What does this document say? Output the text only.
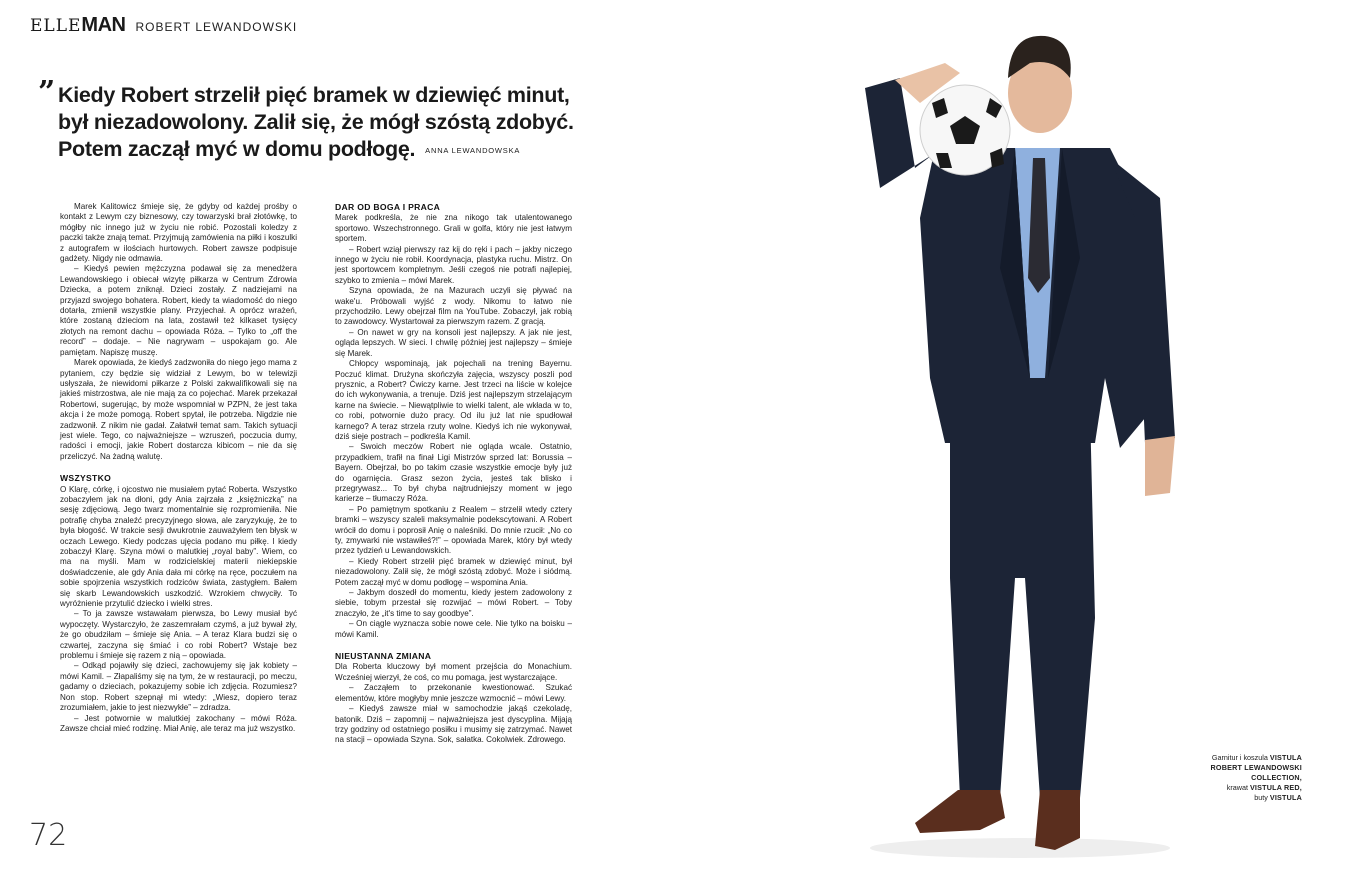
ELLE MAN ROBERT LEWANDOWSKI
” Kiedy Robert strzelił pięć bramek w dziewięć minut,
był niezadowolony. Zalił się, że mógł szóstą zdobyć.
Potem zaczął myć w domu podłogę. ANNA LEWANDOWSKA

Marek Kalitowicz śmieje się, że gdyby od każdej prośby o kontakt z Lewym czy biznesowy, czy towarzyski brał złotówkę, to mógłby nic innego już w życiu nie robić. Pozostali koledzy z paczki także znają temat. Przyjmują zamówienia na piłki i koszulki z autografem w ilościach hurtowych. Robert zawsze podpisuje gadżety. Nigdy nie odmawia.

– Kiedyś pewien mężczyzna podawał się za menedżera Lewandowskiego i obiecał wizytę piłkarza w Centrum Zdrowia Dziecka, a potem zniknął. Dzieci zostały. Z nadziejami na przyjazd swojego bohatera. Robert, kiedy ta wiadomość do niego dotarła, zmienił wszystkie plany. Przyjechał. A oprócz wrażeń, które zostaną dzieciom na lata, zostawił też kilkaset tysięcy złotych na remont dachu – opowiada Róża. – Tylko to „off the record” – dodaje. – Nie nagrywam – uspokajam go. Ale pamiętam. Napiszę muszę.

Marek opowiada, że kiedyś zadzwoniła do niego jego mama z pytaniem, czy będzie się widział z Lewym, bo w telewizji usłyszała, że niewidomi piłkarze z Polski zakwalifikowali się na jakieś mistrzostwa, ale nie mają za co pojechać. Marek przekazał Robertowi, sugerując, by może wspomniał w PZPN, że jest taka akcja i że może pomogą. Robert spytał, ile potrzeba. Nigdzie nie zadzwonił. Z nikim nie gadał. Załatwił temat sam. Takich sytuacji jest wiele. Tego, co najważniejsze – wzruszeń, poczucia dumy, radości i emocji, jakie Robert dostarcza kibicom – nie da się przeliczyć. Na żadną walutę.

WSZYSTKO

O Klarę, córkę, i ojcostwo nie musiałem pytać Roberta. Wszystko zobaczyłem jak na dłoni, gdy Ania zajrzała z „księżniczką” na sesję zdjęciową. Jego twarz momentalnie się rozpromieniła. Nie potrafię chyba znaleźć precyzyjnego słowa, ale zaryzykuję, że to była błogość. W trakcie sesji dwukrotnie zauważyłem ten błysk w oczach Lewego. Kiedy podczas ujęcia podano mu piłkę. I kiedy zobaczył Klarę. Szyna mówi o malutkiej „royal baby”. Wiem, co ma na myśli. Mam w rodzicielskiej materii niekiepskie doświadczenie, ale gdy Ania dała mi córkę na ręce, poczułem na sobie spojrzenia wszystkich rodziców świata, zastygłem. Bałem się skarb Lewandowskich uszkodzić. Wzrokiem chwyciły. To wyróżnienie przytulić dziecko i wielki stres.

– To ja zawsze wstawałam pierwsza, bo Lewy musiał być wypoczęty. Wystarczyło, że zaszemrałam czymś, a już bywał zły, że go obudziłam – śmieje się Ania. – A teraz Klara budzi się o czwartej, zaczyna się śmiać i co robi Robert? Wstaje bez problemu i śmieje się razem z nią – opowiada.

– Odkąd pojawiły się dzieci, zachowujemy się jak kobiety – mówi Kamil. – Złapaliśmy się na tym, że w restauracji, po meczu, gadamy o dzieciach, pokazujemy sobie ich zdjęcia. Rozumiesz? Non stop. Robert szepnął mi wtedy: „Wiesz, dopiero teraz zrozumiałem, jakie to jest niezwykłe” – zdradza.

– Jest potwornie w malutkiej zakochany – mówi Róża. Zawsze chciał mieć rodzinę. Miał Anię, ale teraz ma już wszystko.

DAR OD BOGA I PRACA

Marek podkreśla, że nie zna nikogo tak utalentowanego sportowo. Wszechstronnego. Grali w golfa, który nie jest łatwym sportem.

– Robert wziął pierwszy raz kij do ręki i pach – jakby niczego innego w życiu nie robił. Koordynacja, plastyka ruchu. Mistrz. On jest sportowcem kompletnym. Jeśli czegoś nie potrafi najlepiej, szybko to zmienia – mówi Marek.

Szyna opowiada, że na Mazurach uczyli się pływać na wake'u. Próbowali wyjść z wody. Nikomu to łatwo nie przychodziło. Lewy obejrzał film na YouTube. Zobaczył, jak robią to zawodowcy. Wystartował za pierwszym razem. Z gracją.

– On nawet w gry na konsoli jest najlepszy. A jak nie jest, ogląda lepszych. W sieci. I chwilę później jest najlepszy – śmieje się Marek.

Chłopcy wspominają, jak pojechali na trening Bayernu. Poczuć klimat. Drużyna skończyła zajęcia, wszyscy poszli pod prysznic, a Robert? Ćwiczy karne. Jest trzeci na liście w kolejce do ich wykonywania, a trenuje. Dziś jest najlepszym strzelającym karne na świecie. – Niewątpliwie to wielki talent, ale wkłada w to, co robi, potwornie dużo pracy. Od ilu już lat nie spudłował karnego? A teraz strzela rzuty wolne. Kiedyś ich nie wykonywał, dziś sieje postrach – podkreśla Kamil.

– Swoich meczów Robert nie ogląda wcale. Ostatnio, przypadkiem, trafił na finał Ligi Mistrzów sprzed lat: Borussia – Bayern. Obejrzał, bo po takim czasie wszystkie emocje były już do ogarnięcia. Grasz sezon życia, jesteś tak blisko i przegrywasz... To był chyba najtrudniejszy moment w jego karierze – tłumaczy Róża.

– Po pamiętnym spotkaniu z Realem – strzelił wtedy cztery bramki – wszyscy szaleli maksymalnie podekscytowani. A Robert wrócił do domu i poprosił Anię o naleśniki. Do mnie rzucił: „No co ty, zmywarki nie wstawiłeś?!” – opowiada Marek, który był wtedy przez tydzień u Lewandowskich.

– Kiedy Robert strzelił pięć bramek w dziewięć minut, był niezadowolony. Zalił się, że mógł szóstą zdobyć. Może i siódmą. Potem zaczął myć w domu podłogę – wspomina Ania.

– Jakbym doszedł do momentu, kiedy jestem zadowolony z siebie, tobym przestał się rozwijać – mówi Robert. – Toby znaczyło, że „it's time to say goodbye”.

– On ciągle wyznacza sobie nowe cele. Nie tylko na boisku – mówi Kamil.

NIEUSTANNA ZMIANA

Dla Roberta kluczowy był moment przejścia do Monachium. Wcześniej wierzył, że coś, co mu pomaga, jest wystarczające.

– Zacząłem to przekonanie kwestionować. Szukać elementów, które mogłyby mnie jeszcze wzmocnić – mówi Lewy.

– Kiedyś zawsze miał w samochodzie jakąś czekoladę, batonik. Dziś – zapomnij – najważniejsza jest dyscyplina. Mijają trzy godziny od ostatniego posiłku i musimy się zatrzymać. Nawet na stacji – opowiada Szyna. Sok, sałatka. Cokolwiek. Zdrowego.

72
Garnitur i koszula VISTULA ROBERT LEWANDOWSKI COLLECTION,
krawat VISTULA RED,
buty VISTULA
